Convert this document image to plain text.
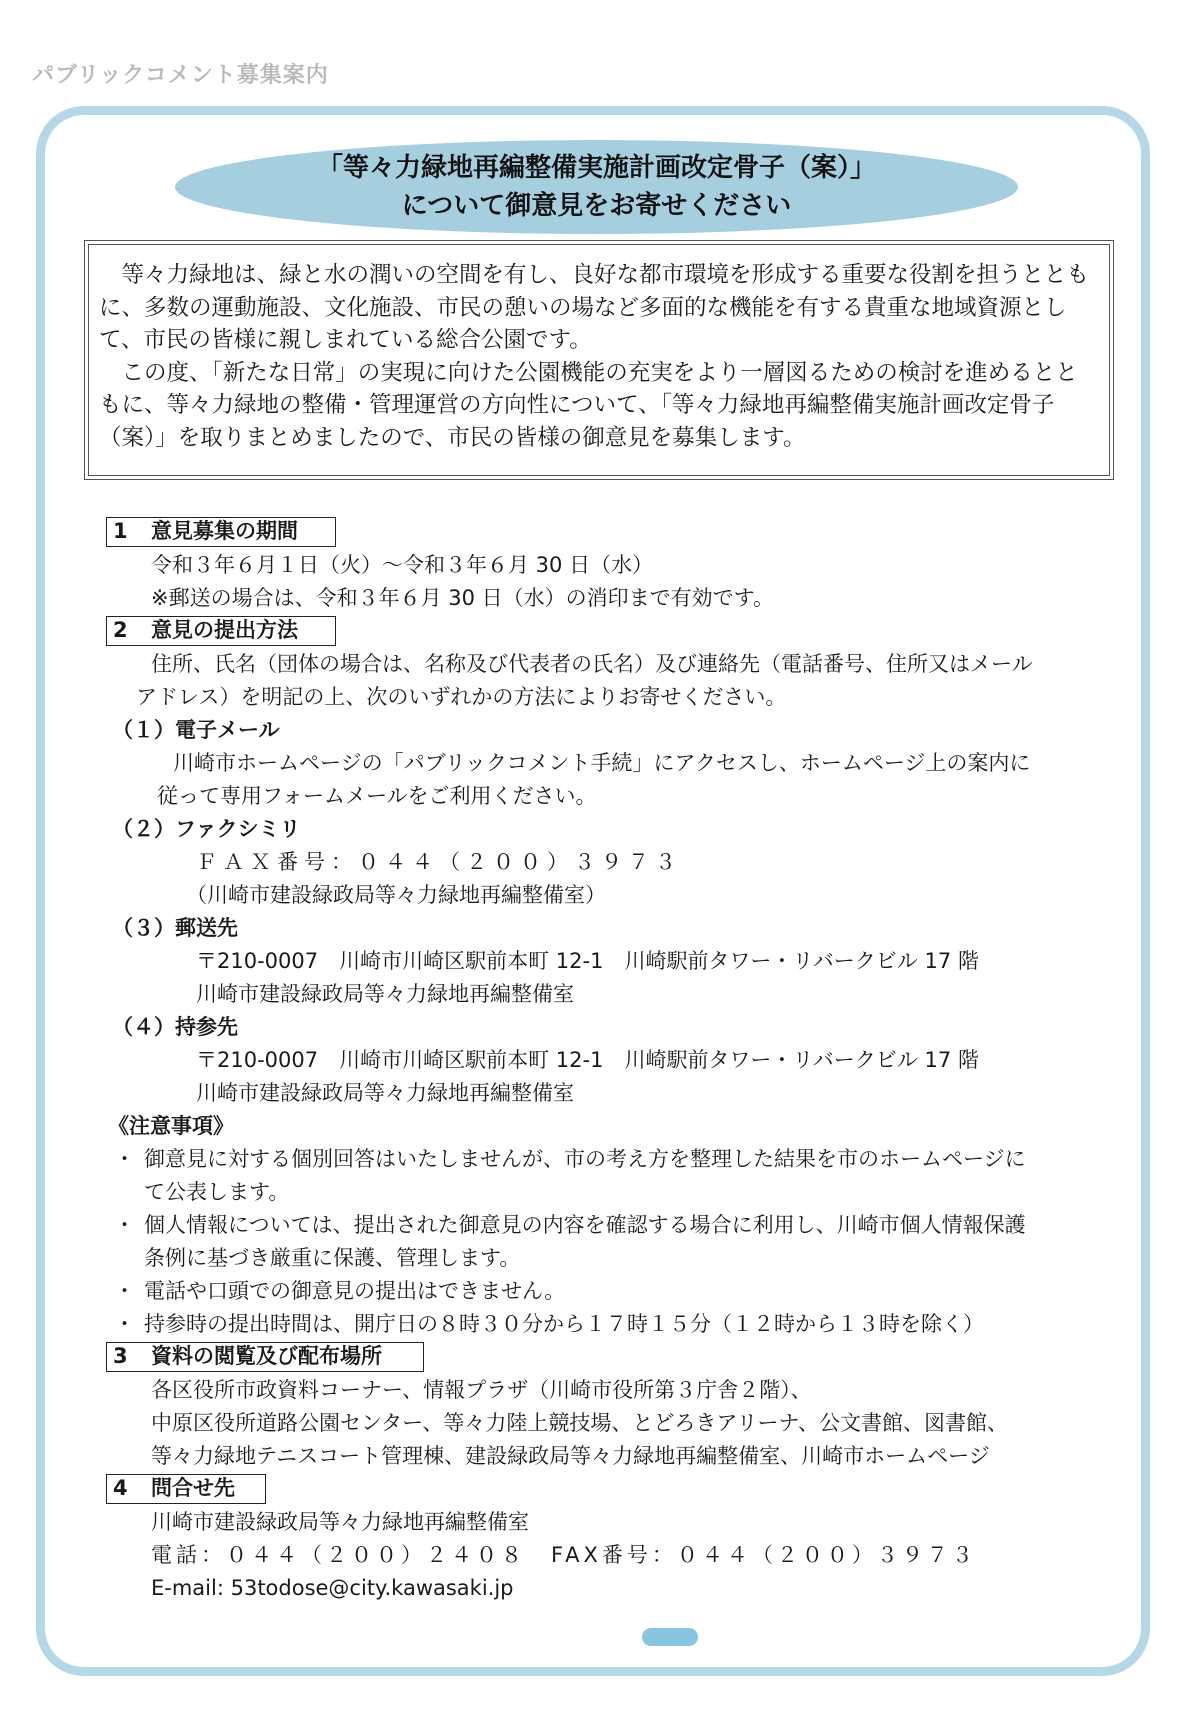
パブリックコメント募集案内
「等々力緑地再編整備実施計画改定骨子（案）」
について御意見をお寄せください

等々力緑地は、緑と水の潤いの空間を有し、良好な都市環境を形成する重要な役割を担うとともに、多数の運動施設、文化施設、市民の憩いの場など多面的な機能を有する貴重な地域資源として、市民の皆様に親しまれている総合公園です。

この度、「新たな日常」の実現に向けた公園機能の充実をより一層図るための検討を進めるとともに、等々力緑地の整備・管理運営の方向性について、「等々力緑地再編整備実施計画改定骨子（案）」を取りまとめましたので、市民の皆様の御意見を募集します。

1 意見募集の期間
令和３年６月１日（火）～令和３年６月 30 日（水）
※郵送の場合は、令和３年６月 30 日（水）の消印まで有効です。
2 意見の提出方法
住所、氏名（団体の場合は、名称及び代表者の氏名）及び連絡先（電話番号、住所又はメール
アドレス）を明記の上、次のいずれかの方法によりお寄せください。
（１）電子メール
川崎市ホームページの「パブリックコメント手続」にアクセスし、ホームページ上の案内に
従って専用フォームメールをご利用ください。
（２）ファクシミリ
ＦＡＸ番号：０４４（２００）３９７３
（川崎市建設緑政局等々力緑地再編整備室）
（３）郵送先
〒210-0007　川崎市川崎区駅前本町 12-1　川崎駅前タワー・リバークビル 17 階
川崎市建設緑政局等々力緑地再編整備室
（４）持参先
〒210-0007　川崎市川崎区駅前本町 12-1　川崎駅前タワー・リバークビル 17 階
川崎市建設緑政局等々力緑地再編整備室
《注意事項》
・ 御意見に対する個別回答はいたしませんが、市の考え方を整理した結果を市のホームページに
て公表します。
・ 個人情報については、提出された御意見の内容を確認する場合に利用し、川崎市個人情報保護
条例に基づき厳重に保護、管理します。
・ 電話や口頭での御意見の提出はできません。
・ 持参時の提出時間は、開庁日の８時３０分から１７時１５分（１２時から１３時を除く）
3 資料の閲覧及び配布場所
各区役所市政資料コーナー、情報プラザ（川崎市役所第３庁舎２階）、
中原区役所道路公園センター、等々力陸上競技場、とどろきアリーナ、公文書館、図書館、
等々力緑地テニスコート管理棟、建設緑政局等々力緑地再編整備室、川崎市ホームページ
4 問合せ先
川崎市建設緑政局等々力緑地再編整備室
電話：０４４（２００）２４０８　FAX番号：０４４（２００）３９７３
E-mail: 53todose@city.kawasaki.jp
